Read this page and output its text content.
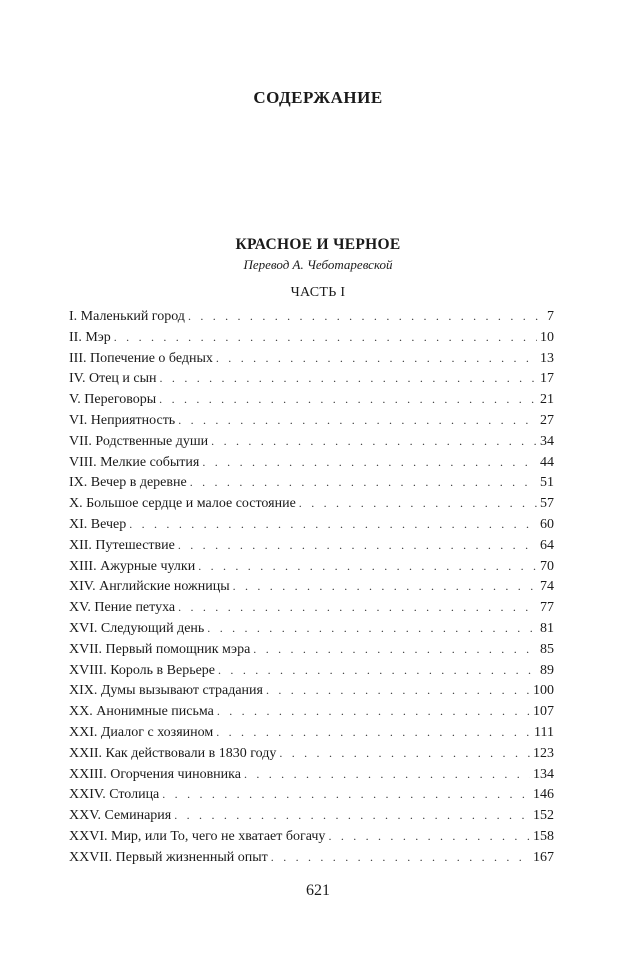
СОДЕРЖАНИЕ
КРАСНОЕ И ЧЕРНОЕ
Перевод А. Чеботаревской
ЧАСТЬ I
I. Маленький город . . .	7
II. Мэр . . .	10
III. Попечение о бедных . . .	13
IV. Отец и сын . . .	17
V. Переговоры . . .	21
VI. Неприятность . . .	27
VII. Родственные души . . .	34
VIII. Мелкие события . . .	44
IX. Вечер в деревне . . .	51
X. Большое сердце и малое состояние . . .	57
XI. Вечер . . .	60
XII. Путешествие . . .	64
XIII. Ажурные чулки . . .	70
XIV. Английские ножницы . . .	74
XV. Пение петуха . . .	77
XVI. Следующий день . . .	81
XVII. Первый помощник мэра . . .	85
XVIII. Король в Верьере . . .	89
XIX. Думы вызывают страдания . . .	100
XX. Анонимные письма . . .	107
XXI. Диалог с хозяином . . .	111
XXII. Как действовали в 1830 году . . .	123
XXIII. Огорчения чиновника . . .	134
XXIV. Столица . . .	146
XXV. Семинария . . .	152
XXVI. Мир, или То, чего не хватает богачу . . .	158
XXVII. Первый жизненный опыт . . .	167
621
